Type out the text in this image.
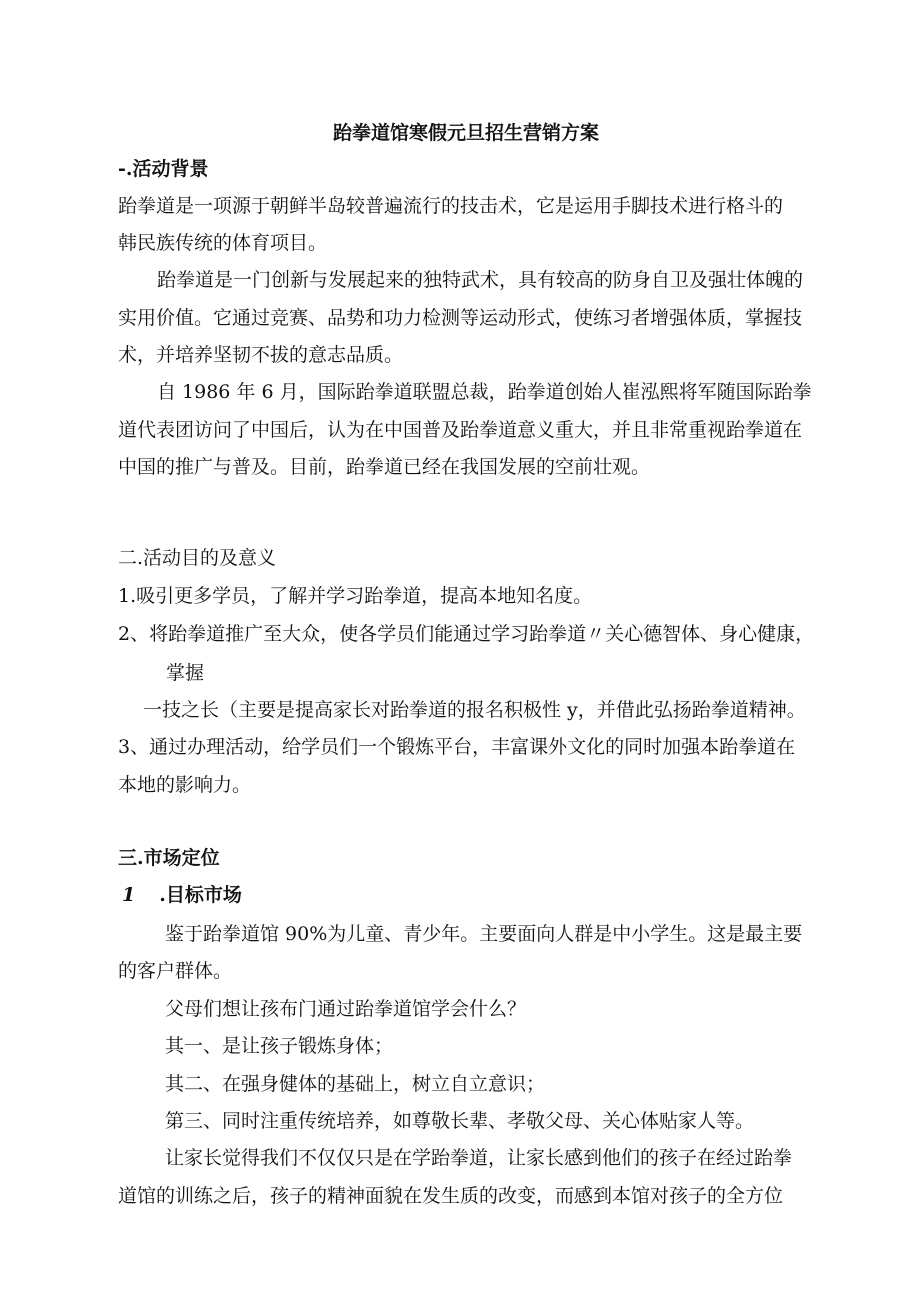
跆拳道馆寒假元旦招生营销方案
-.活动背景
跆拳道是一项源于朝鲜半岛较普遍流行的技击术，它是运用手脚技术进行格斗的
韩民族传统的体育项目。
跆拳道是一门创新与发展起来的独特武术，具有较高的防身自卫及强壮体魄的
实用价值。它通过竞赛、品势和功力检测等运动形式，使练习者增强体质，掌握技
术，并培养坚韧不拔的意志品质。
自 1986 年 6 月，国际跆拳道联盟总裁，跆拳道创始人崔泓熙将军随国际跆拳
道代表团访问了中国后，认为在中国普及跆拳道意义重大，并且非常重视跆拳道在
中国的推广与普及。目前，跆拳道已经在我国发展的空前壮观。
二.活动目的及意义
1.吸引更多学员，了解并学习跆拳道，提高本地知名度。
2、将跆拳道推广至大众，使各学员们能通过学习跆拳道〃关心德智体、身心健康，
掌握
一技之长（主要是提高家长对跆拳道的报名积极性 y，并借此弘扬跆拳道精神。
3、通过办理活动，给学员们一个锻炼平台，丰富课外文化的同时加强本跆拳道在
本地的影响力。
三.市场定位
1 .目标市场
鉴于跆拳道馆 90%为儿童、青少年。主要面向人群是中小学生。这是最主要
的客户群体。
父母们想让孩布门通过跆拳道馆学会什么？
其一、是让孩子锻炼身体；
其二、在强身健体的基础上，树立自立意识；
第三、同时注重传统培养，如尊敬长辈、孝敬父母、关心体贴家人等。
让家长觉得我们不仅仅只是在学跆拳道，让家长感到他们的孩子在经过跆拳
道馆的训练之后，孩子的精神面貌在发生质的改变，而感到本馆对孩子的全方位
